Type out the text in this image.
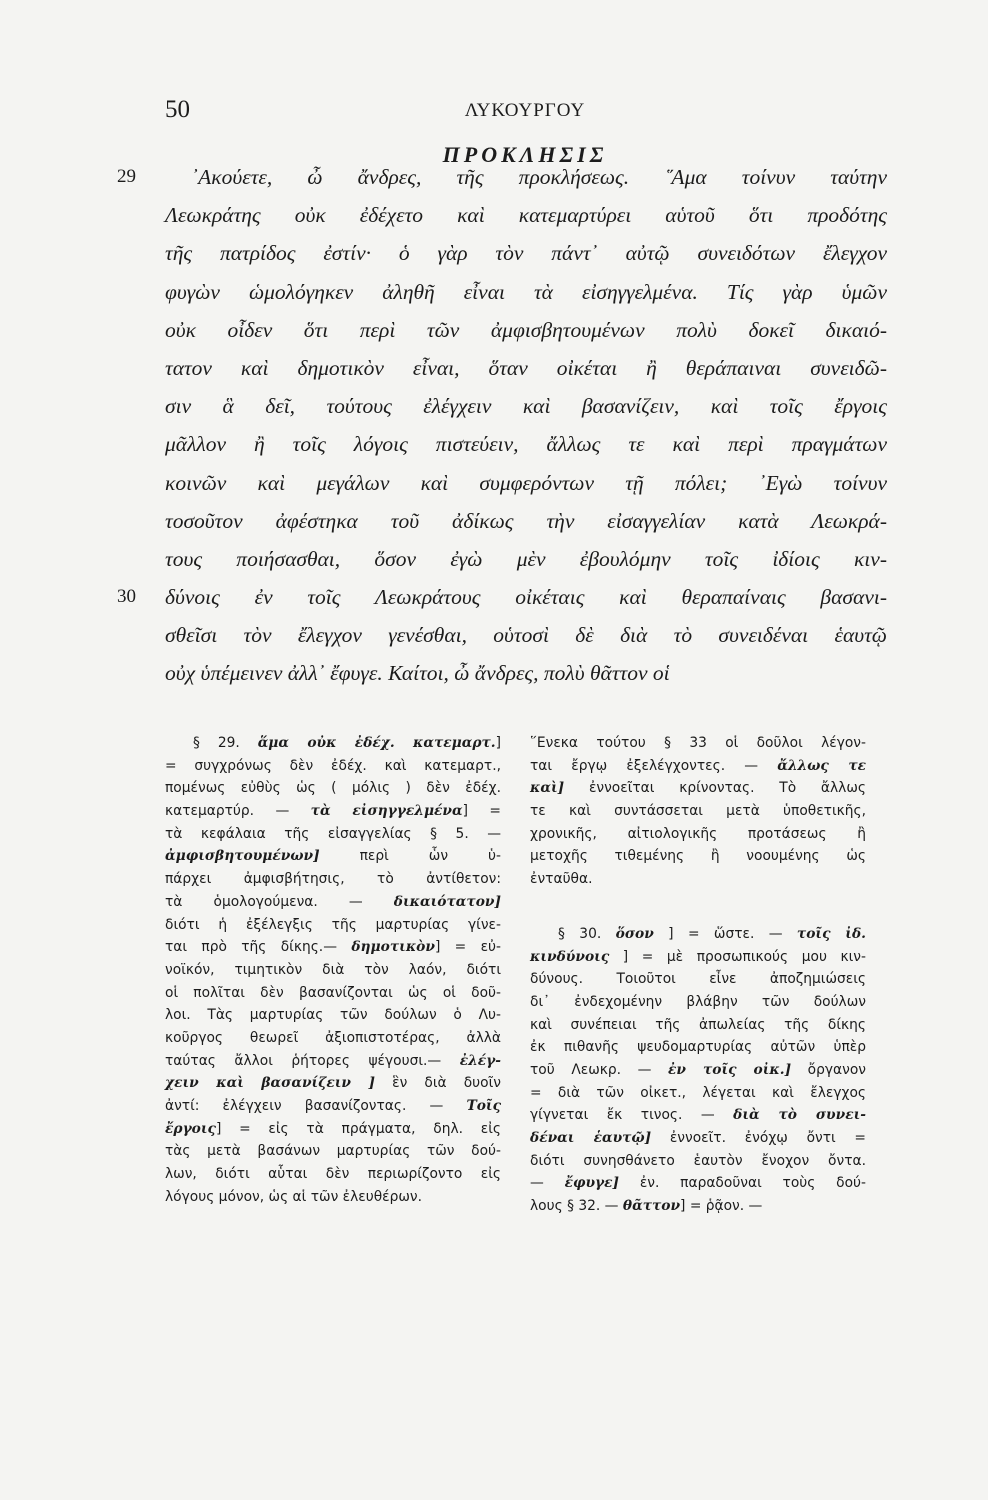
50	ΛΥΚΟΥΡΓΟΥ
ΠΡΟΚΛΗΣΙΣ
᾿Ακούετε, ὦ ἄνδρες, τῆς προκλήσεως. ῞Αμα τοίνυν ταύτην
29
Λεωκράτης οὐκ ἐδέχετο καὶ κατεμαρτύρει αὑτοῦ ὅτι προδότης
τῆς πατρίδος ἐστίν· ὁ γὰρ τὸν πάντ᾿ αὐτῷ συνειδότων ἔλεγχον
φυγὼν ὡμολόγηκεν ἀληθῆ εἶναι τὰ εἰσηγγελμένα. Τίς γὰρ ὑμῶν
οὐκ οἶδεν ὅτι περὶ τῶν ἀμφισβητουμένων πολὺ δοκεῖ δικαιό-
τατον καὶ δημοτικὸν εἶναι, ὅταν οἰκέται ἢ θεράπαιναι συνειδῶ-
σιν ἃ δεῖ, τούτους ἐλέγχειν καὶ βασανίζειν, καὶ τοῖς ἔργοις
μᾶλλον ἢ τοῖς λόγοις πιστεύειν, ἄλλως τε καὶ περὶ πραγμάτων
κοινῶν καὶ μεγάλων καὶ συμφερόντων τῇ πόλει; ᾿Εγὼ τοίνυν
τοσοῦτον ἀφέστηκα τοῦ ἀδίκως τὴν εἰσαγγελίαν κατὰ Λεωκρά-
τους ποιήσασθαι, ὅσον ἐγὼ μὲν ἐβουλόμην τοῖς ἰδίοις κιν-
δύνοις ἐν τοῖς Λεωκράτους οἰκέταις καὶ θεραπαίναις βασανι-
30
σθεῖσι τὸν ἔλεγχον γενέσθαι, οὑτοσὶ δὲ διὰ τὸ συνειδέναι ἑαυτῷ
οὐχ ὑπέμεινεν ἀλλ᾿ ἔφυγε. Καίτοι, ὦ ἄνδρες, πολὺ θᾶττον οἱ
§ 29. ἅμα οὐκ ἐδέχ. κατεμαρτ.]
= συγχρόνως δὲν ἐδέχ. καὶ κατεμαρτ.,
πομένως εὐθὺς ὡς ( μόλις ) δὲν ἐδέχ.
κατεμαρτύρ. — τὰ εἰσηγγελμένα] =
τὰ κεφάλαια τῆς εἰσαγγελίας § 5. —
ἀμφισβητουμένων] περὶ ὧν ὑ-
πάρχει ἀμφισβήτησις, τὸ ἀντίθετον:
τὰ ὁμολογούμενα. — δικαιότατον]
διότι ἡ ἐξέλεγξις τῆς μαρτυρίας γίνε-
ται πρὸ τῆς δίκης.— δημοτικὸν] = εὐ-
νοϊκόν, τιμητικὸν διὰ τὸν λαόν, διότι
οἱ πολῖται δὲν βασανίζονται ὡς οἱ δοῦ-
λοι. Τὰς μαρτυρίας τῶν δούλων ὁ Λυ-
κοῦργος θεωρεῖ ἀξιοπιστοτέρας, ἀλλὰ
ταύτας ἄλλοι ῥήτορες ψέγουσι.— ἐλέγ-
χειν καὶ βασανίζειν ] ἓν διὰ δυοῖν
ἀντί: ἐλέγχειν βασανίζοντας. — Τοῖς
ἔργοις] = εἰς τὰ πράγματα, δηλ. εἰς
τὰς μετὰ βασάνων μαρτυρίας τῶν δού-
λων, διότι αὗται δὲν περιωρίζοντο εἰς
λόγους μόνον, ὡς αἱ τῶν ἐλευθέρων.
῞Ενεκα τούτου § 33 οἱ δοῦλοι λέγον-
ται ἔργῳ ἐξελέγχοντες. — ἄλλως τε
καὶ] ἐννοεῖται κρίνοντας. Τὸ ἄλλως
τε καὶ συντάσσεται μετὰ ὑποθετικῆς,
χρονικῆς, αἰτιολογικῆς προτάσεως ἢ
μετοχῆς τιθεμένης ἢ νοουμένης ὡς
ἐνταῦθα.
§ 30. ὅσον ] = ὥστε. — τοῖς ἰδ.
κινδύνοις ] = μὲ προσωπικούς μου κιν-
δύνους. Τοιοῦτοι εἶνε ἀποζημιώσεις
δι᾿ ἐνδεχομένην βλάβην τῶν δούλων
καὶ συνέπειαι τῆς ἀπωλείας τῆς δίκης
ἐκ πιθανῆς ψευδομαρτυρίας αὐτῶν ὑπὲρ
τοῦ Λεωκρ. — ἐν τοῖς οἰκ.] ὄργανον
= διὰ τῶν οἰκετ., λέγεται καὶ ἔλεγχος
γίγνεται ἔκ τινος. — διὰ τὸ συνει-
δέναι ἑαυτῷ] ἐννοεῖτ. ἐνόχῳ ὄντι =
διότι συνησθάνετο ἑαυτὸν ἔνοχον ὄντα.
— ἔφυγε] ἐν. παραδοῦναι τοὺς δού-
λους § 32. — θᾶττον] = ῥᾷον. —
